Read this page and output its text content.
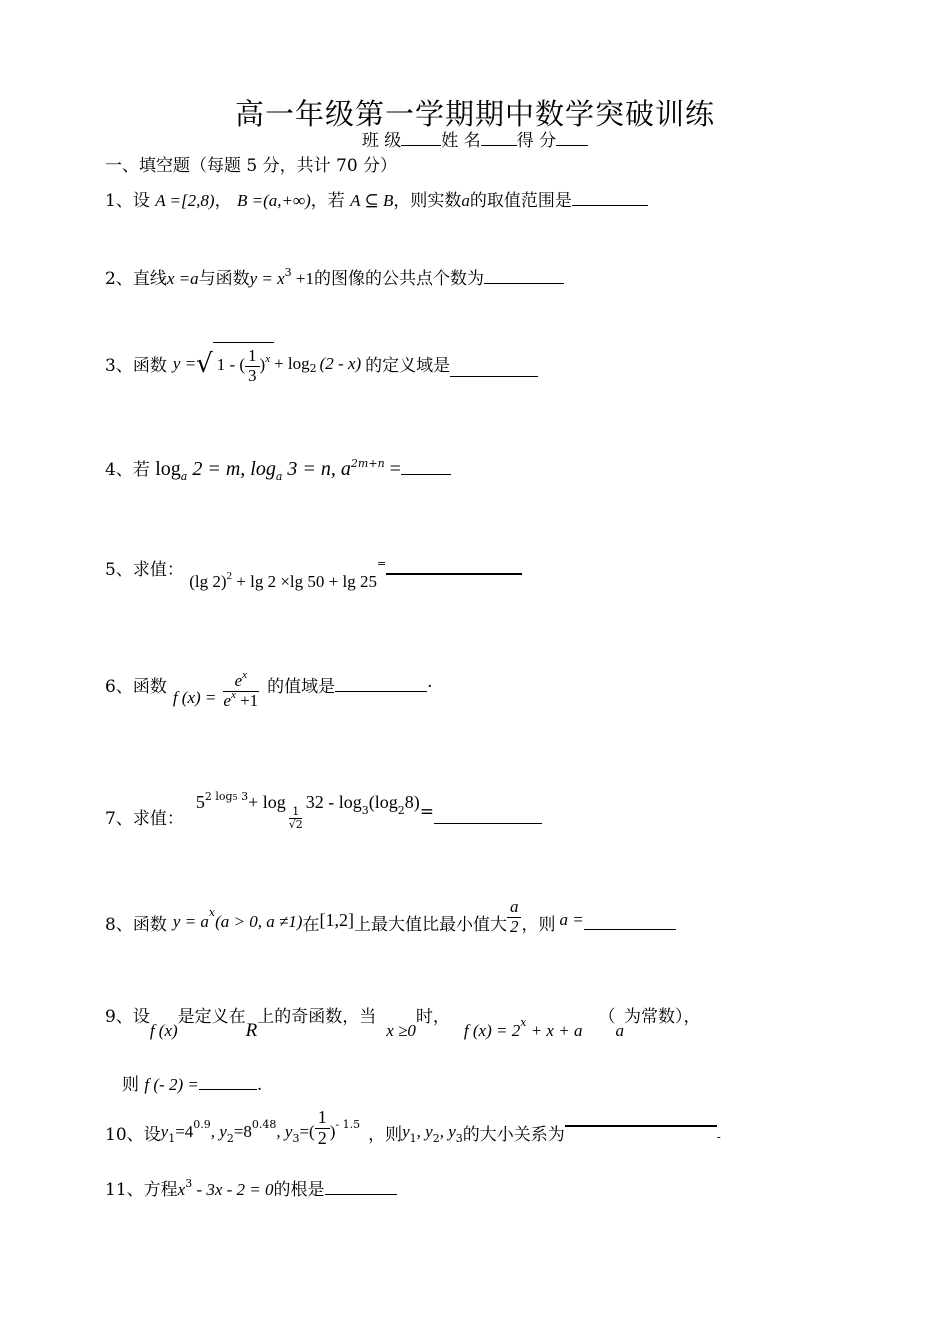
高一年级第一学期期中数学突破训练
班 级 姓 名 得 分
一、填空题（每题 5 分，共计 70 分）
1、设 A =[2,8)， B =(a,+∞)，若 A ⊆ B，则实数a的取值范围是
2、直线x =a与函数$y = x^3 +1$的图像的公共点个数为
3、函数 y = √ 1 - ( $\frac{1}{3} )^x + \log 2$ (2 - x) 的定义域是
4、若 $\log_a 2 = m$, $\log_a 3 = n$, $a^{2m+n}$ =
5、求值： (lg 2)$^2$ + lg 2 ×lg 50 + lg 25=
6、函数
f $(x) = \frac{e^x}{e^x +1}$ 的值域是	.
7、求值：
5 2 log5 3 + log
$\frac{1}{√2}$
32 - log 3 (log 2 8) =
8、函数 y = a x (a > 0, a ≠1) 在 [1,2] 上最大值比最小值大 $\frac{a}{2}$ ，则 a =
9、设f (x)是定义在R上的奇函数，当x ≥0时，f $(x) = 2_x + x + a(a$为常数），
则 f (- 2) =	.
10、设 y 1 =4 0.9 , y 2 =8 0.48 , y 3 =( $\frac{1}{2}$ ) - 1.5
，则 y 1 , y 2 , y 3 的大小关系为	-
11、方程$x^3 - 3x - 2 = 0$的根是
